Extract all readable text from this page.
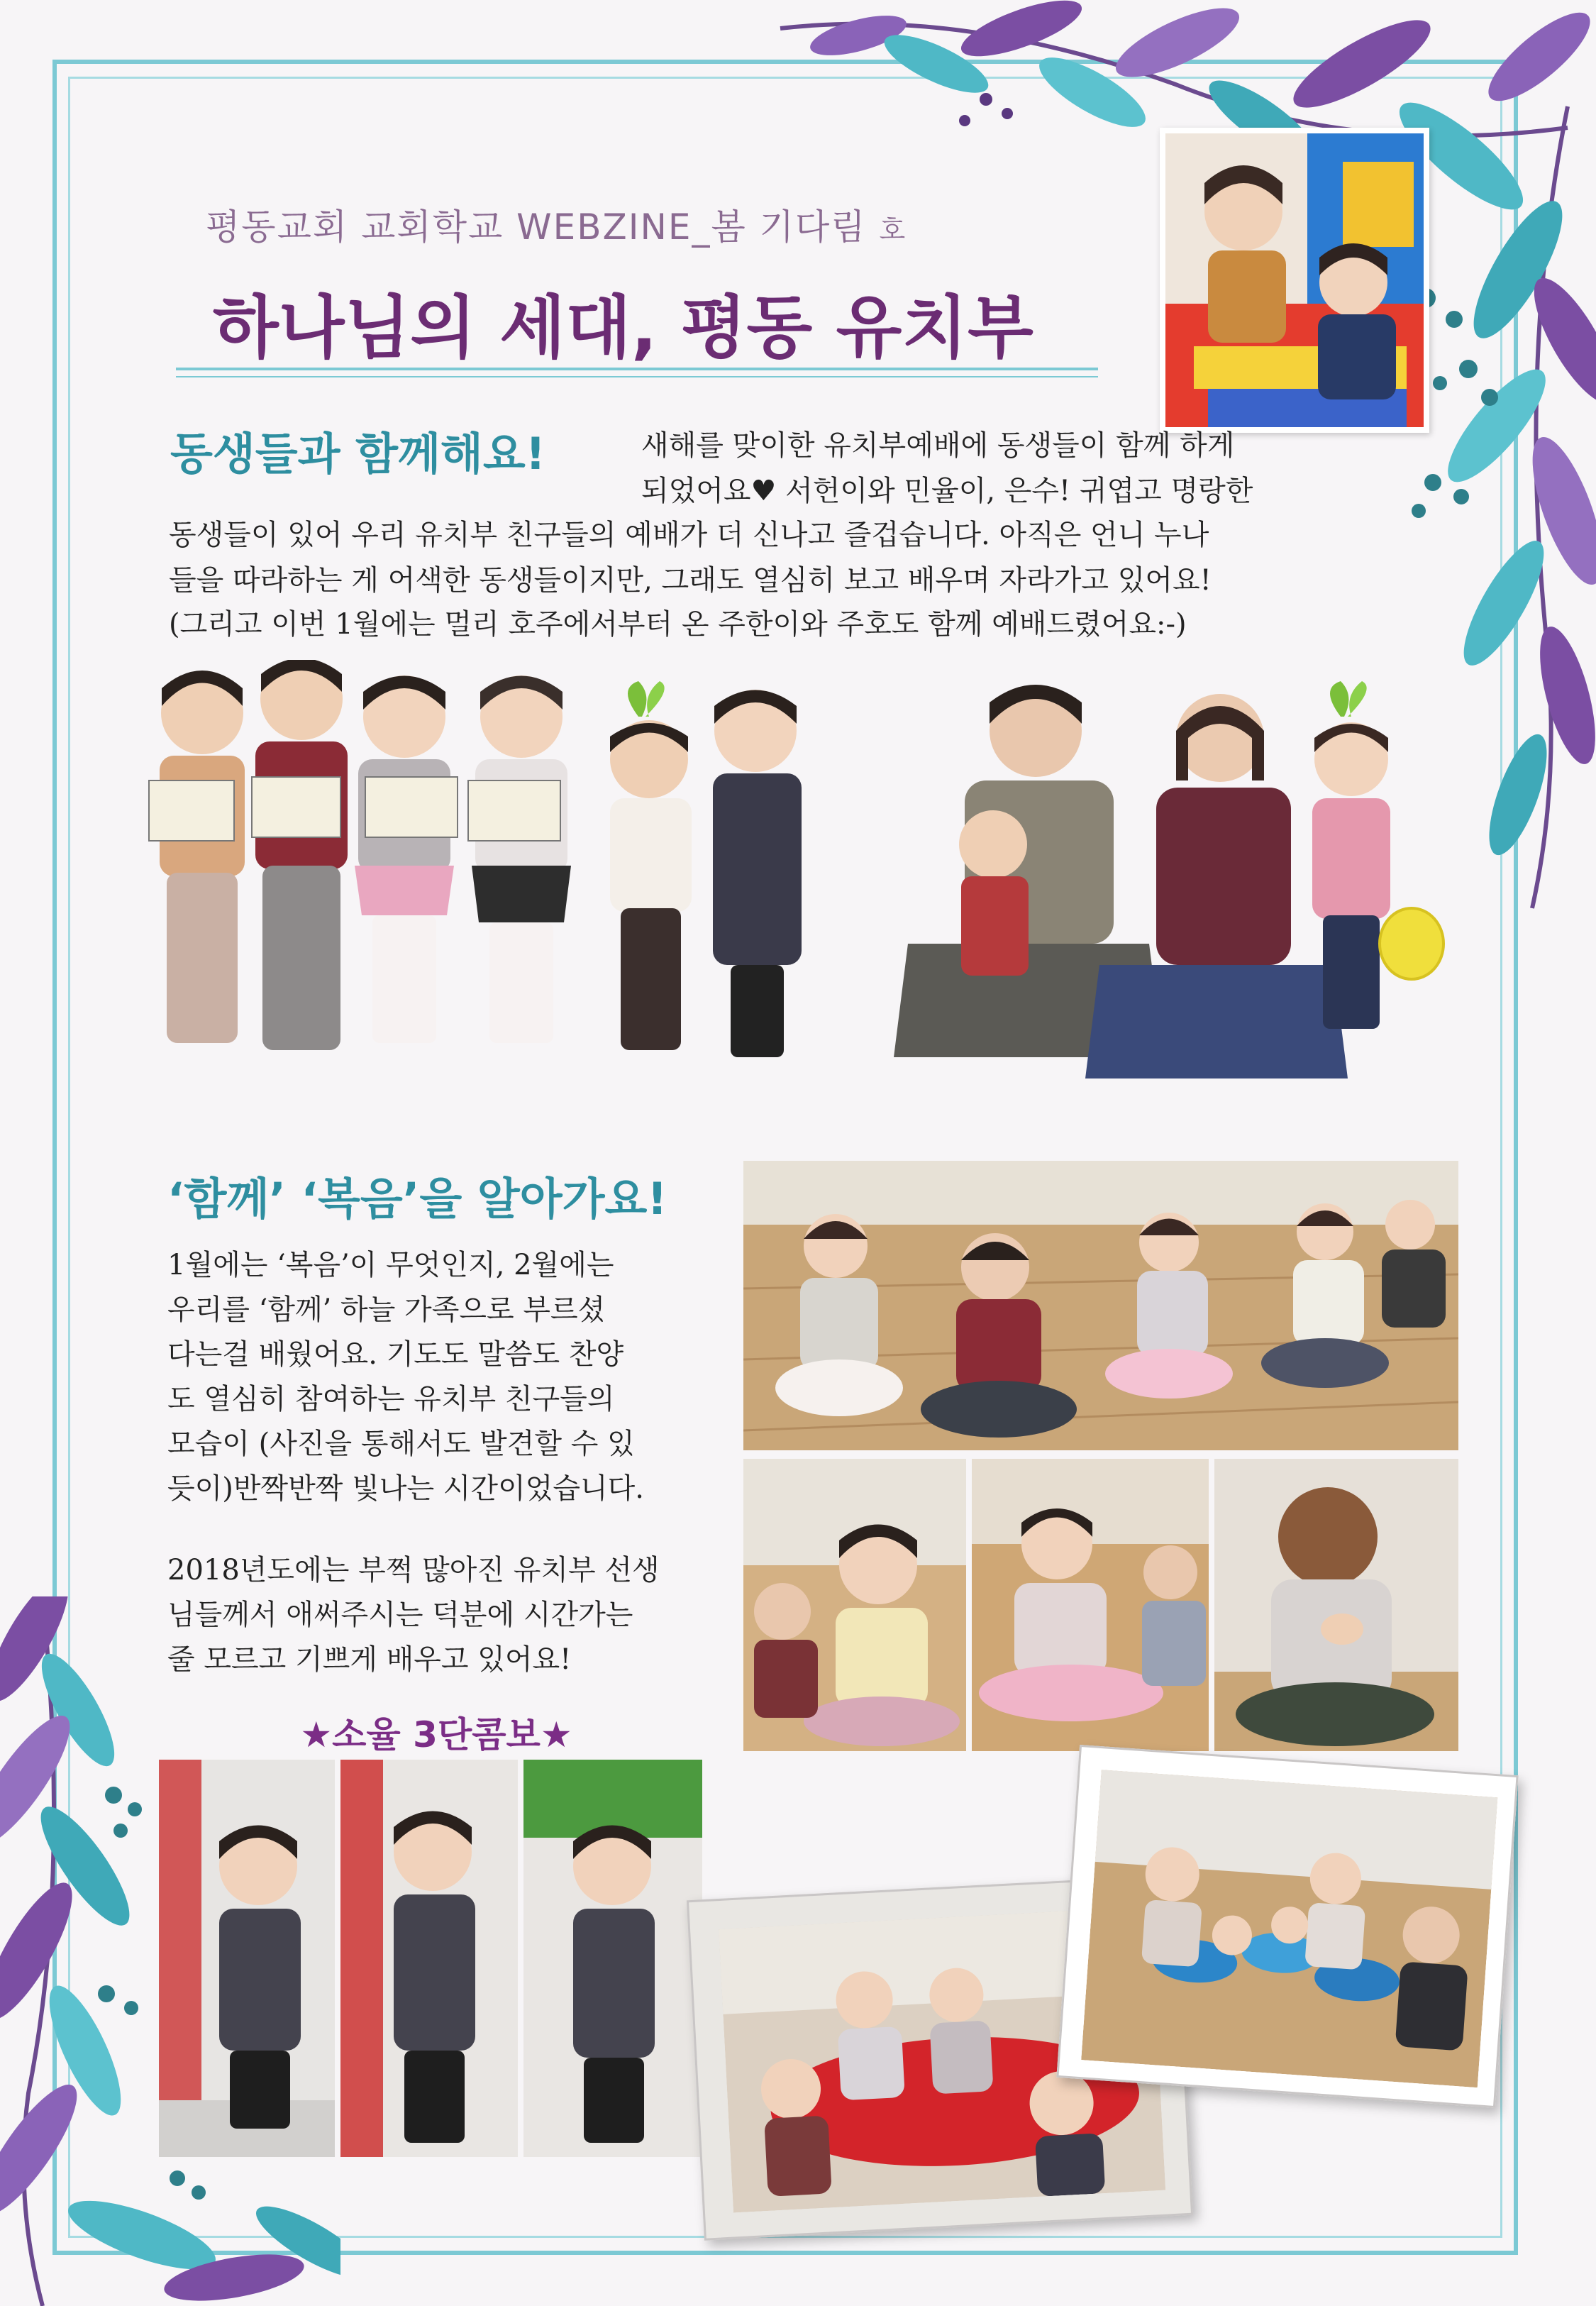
평동교회 교회학교 WEBZINE_봄 기다림 호
하나님의 세대, 평동 유치부
동생들과 함께해요!	새해를 맞이한 유치부예배에 동생들이 함께 하게
되었어요♥ 서헌이와 민율이, 은수! 귀엽고 명랑한
동생들이 있어 우리 유치부 친구들의 예배가 더 신나고 즐겁습니다. 아직은 언니 누나
들을 따라하는 게 어색한 동생들이지만, 그래도 열심히 보고 배우며 자라가고 있어요!
(그리고 이번 1월에는 멀리 호주에서부터 온 주한이와 주호도 함께 예배드렸어요:-)
‘함께’ ‘복음’을 알아가요!
1월에는 ‘복음’이 무엇인지, 2월에는
우리를 ‘함께’ 하늘 가족으로 부르셨
다는걸 배웠어요. 기도도 말씀도 찬양
도 열심히 참여하는 유치부 친구들의
모습이 (사진을 통해서도 발견할 수 있
듯이)반짝반짝 빛나는 시간이었습니다.
2018년도에는 부쩍 많아진 유치부 선생
님들께서 애써주시는 덕분에 시간가는
줄 모르고 기쁘게 배우고 있어요!
★소율 3단콤보★
